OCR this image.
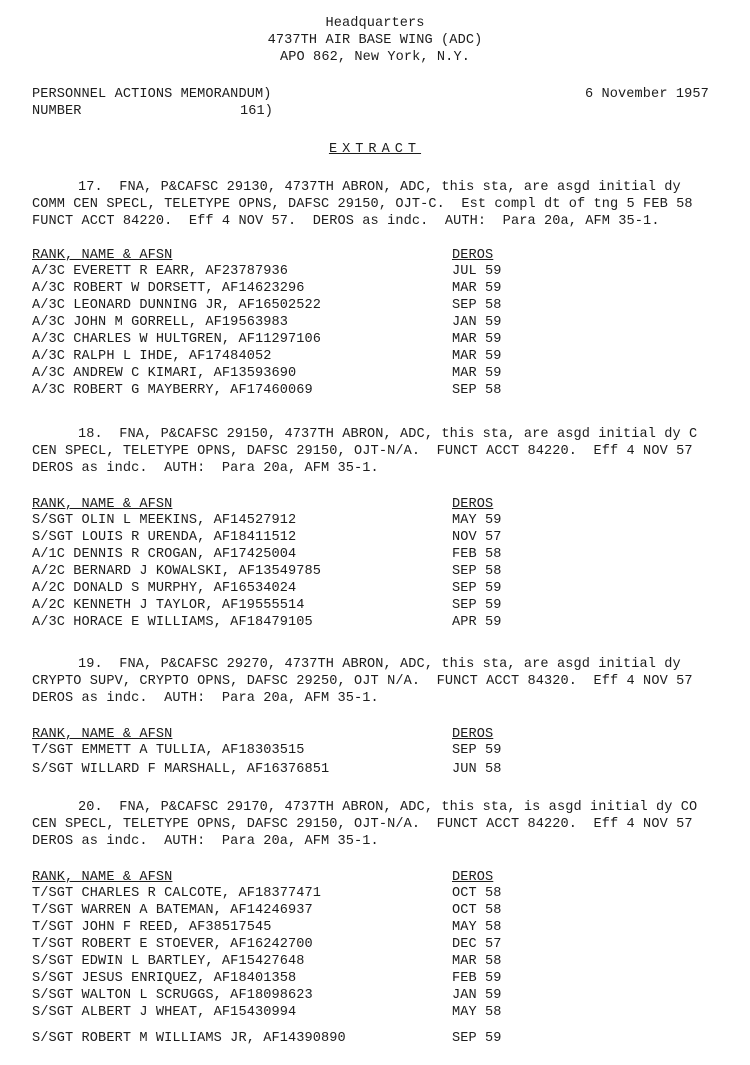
Headquarters
4737TH AIR BASE WING (ADC)
APO 862, New York, N.Y.
PERSONNEL ACTIONS MEMORANDUM)
NUMBER	161)
6 November 1957
EXTRACT
17.  FNA, P&CAFSC 29130, 4737TH ABRON, ADC, this sta, are asgd initial dy
COMM CEN SPECL, TELETYPE OPNS, DAFSC 29150, OJT-C.  Est compl dt of tng 5 FEB 58
FUNCT ACCT 84220.  Eff 4 NOV 57.  DEROS as indc.  AUTH:  Para 20a, AFM 35-1.
RANK, NAME & AFSN	DEROS
A/3C EVERETT R EARR, AF23787936	JUL 59
A/3C ROBERT W DORSETT, AF14623296	MAR 59
A/3C LEONARD DUNNING JR, AF16502522	SEP 58
A/3C JOHN M GORRELL, AF19563983	JAN 59
A/3C CHARLES W HULTGREN, AF11297106	MAR 59
A/3C RALPH L IHDE, AF17484052	MAR 59
A/3C ANDREW C KIMARI, AF13593690	MAR 59
A/3C ROBERT G MAYBERRY, AF17460069	SEP 58
18.  FNA, P&CAFSC 29150, 4737TH ABRON, ADC, this sta, are asgd initial dy C
CEN SPECL, TELETYPE OPNS, DAFSC 29150, OJT-N/A.  FUNCT ACCT 84220.  Eff 4 NOV 57
DEROS as indc.  AUTH:  Para 20a, AFM 35-1.
RANK, NAME & AFSN	DEROS
S/SGT OLIN L MEEKINS, AF14527912	MAY 59
S/SGT LOUIS R URENDA, AF18411512	NOV 57
A/1C DENNIS R CROGAN, AF17425004	FEB 58
A/2C BERNARD J KOWALSKI, AF13549785	SEP 58
A/2C DONALD S MURPHY, AF16534024	SEP 59
A/2C KENNETH J TAYLOR, AF19555514	SEP 59
A/3C HORACE E WILLIAMS, AF18479105	APR 59
19.  FNA, P&CAFSC 29270, 4737TH ABRON, ADC, this sta, are asgd initial dy
CRYPTO SUPV, CRYPTO OPNS, DAFSC 29250, OJT N/A.  FUNCT ACCT 84320.  Eff 4 NOV 57
DEROS as indc.  AUTH:  Para 20a, AFM 35-1.
RANK, NAME & AFSN	DEROS
T/SGT EMMETT A TULLIA, AF18303515	SEP 59
S/SGT WILLARD F MARSHALL, AF16376851	JUN 58
20.  FNA, P&CAFSC 29170, 4737TH ABRON, ADC, this sta, is asgd initial dy CO
CEN SPECL, TELETYPE OPNS, DAFSC 29150, OJT-N/A.  FUNCT ACCT 84220.  Eff 4 NOV 57
DEROS as indc.  AUTH:  Para 20a, AFM 35-1.
RANK, NAME & AFSN	DEROS
T/SGT CHARLES R CALCOTE, AF18377471	OCT 58
T/SGT WARREN A BATEMAN, AF14246937	OCT 58
T/SGT JOHN F REED, AF38517545	MAY 58
T/SGT ROBERT E STOEVER, AF16242700	DEC 57
S/SGT EDWIN L BARTLEY, AF15427648	MAR 58
S/SGT JESUS ENRIQUEZ, AF18401358	FEB 59
S/SGT WALTON L SCRUGGS, AF18098623	JAN 59
S/SGT ALBERT J WHEAT, AF15430994	MAY 58
S/SGT ROBERT M WILLIAMS JR, AF14390890	SEP 59
